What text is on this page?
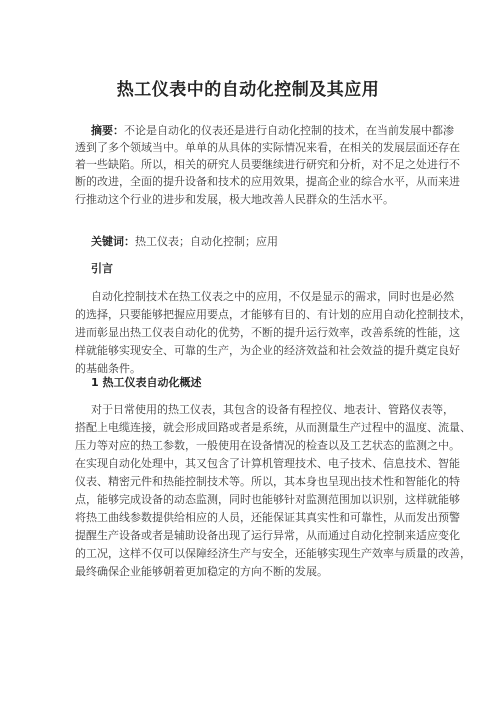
热工仪表中的自动化控制及其应用
摘要：不论是自动化的仪表还是进行自动化控制的技术，在当前发展中都渗
透到了多个领域当中。单单的从具体的实际情况来看，在相关的发展层面还存在
着一些缺陷。所以，相关的研究人员要继续进行研究和分析，对不足之处进行不
断的改进，全面的提升设备和技术的应用效果，提高企业的综合水平，从而来进
行推动这个行业的进步和发展，极大地改善人民群众的生活水平。
关键词：热工仪表；自动化控制；应用
引言
自动化控制技术在热工仪表之中的应用，不仅是显示的需求，同时也是必然
的选择，只要能够把握应用要点，才能够有目的、有计划的应用自动化控制技术，
进而彰显出热工仪表自动化的优势，不断的提升运行效率，改善系统的性能，这
样就能够实现安全、可靠的生产，为企业的经济效益和社会效益的提升奠定良好
的基础条件。
1 热工仪表自动化概述
对于日常使用的热工仪表，其包含的设备有程控仪、地表计、管路仪表等，
搭配上电缆连接，就会形成回路或者是系统，从而测量生产过程中的温度、流量、
压力等对应的热工参数，一般使用在设备情况的检查以及工艺状态的监测之中。
在实现自动化处理中，其又包含了计算机管理技术、电子技术、信息技术、智能
仪表、精密元件和热能控制技术等。所以，其本身也呈现出技术性和智能化的特
点，能够完成设备的动态监测，同时也能够针对监测范围加以识别，这样就能够
将热工曲线参数提供给相应的人员，还能保证其真实性和可靠性，从而发出预警
提醒生产设备或者是辅助设备出现了运行异常，从而通过自动化控制来适应变化
的工况，这样不仅可以保障经济生产与安全，还能够实现生产效率与质量的改善，
最终确保企业能够朝着更加稳定的方向不断的发展。
